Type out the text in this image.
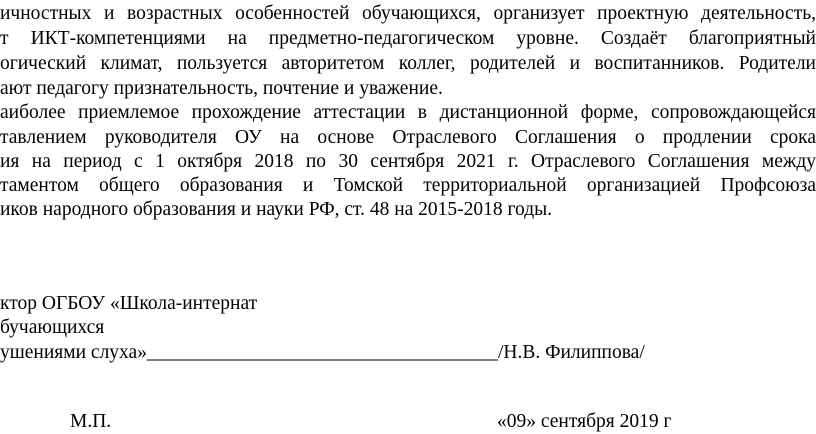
ичностных и возрастных особенностей обучающихся, организует проектную деятельность,
т ИКТ-компетенциями на предметно-педагогическом уровне. Создаёт благоприятный
огический климат, пользуется авторитетом коллег, родителей и воспитанников. Родители
ают педагогу признательность, почтение и уважение.
аиболее приемлемое прохождение аттестации в дистанционной форме, сопровождающейся
тавлением руководителя ОУ на основе Отраслевого Соглашения о продлении срока
ия на период с 1 октября 2018 по 30 сентября 2021 г. Отраслевого Соглашения между
таментом общего образования и Томской территориальной организацией Профсоюза
иков народного образования и науки РФ, ст. 48 на 2015-2018 годы.
ктор ОГБОУ «Школа-интернат
бучающихся
ушениями слуха»____________________________________/Н.В. Филиппова/
М.П.	«09» сентября 2019 г
